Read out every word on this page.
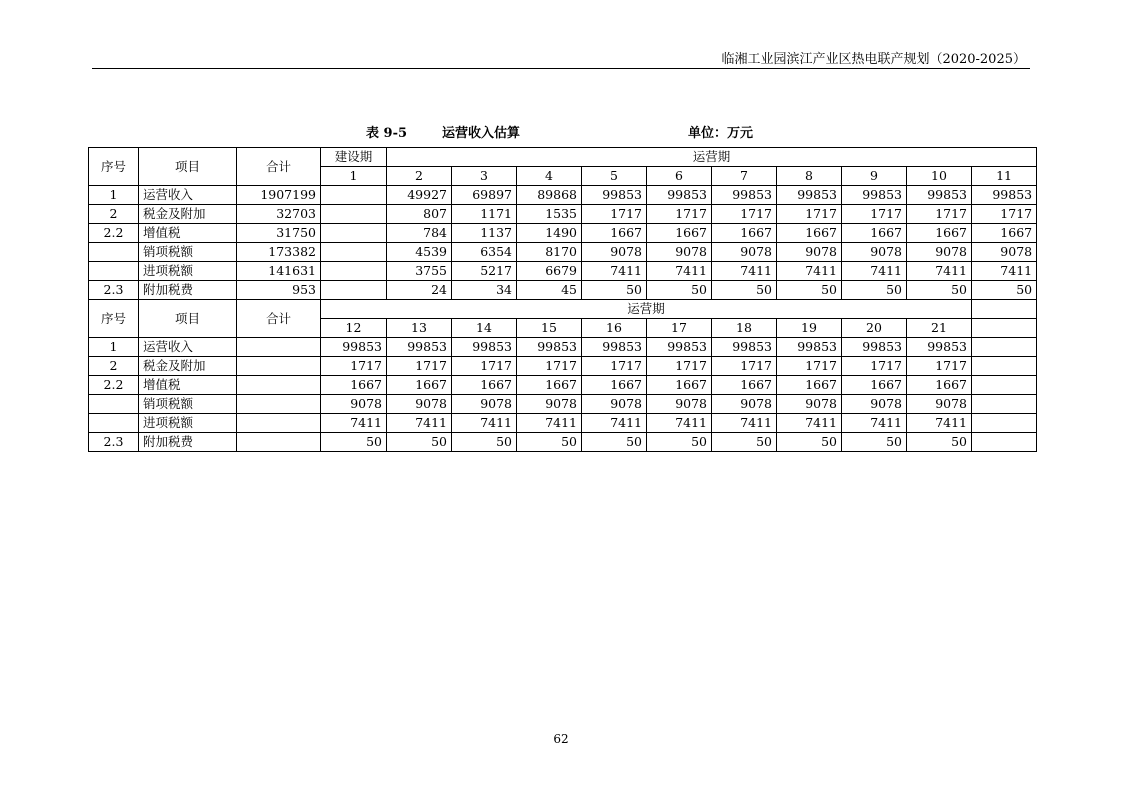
临湘工业园滨江产业区热电联产规划（2020-2025）
表 9-5	运营收入估算	单位：万元
序号	项目	合计	建设期	运营期									
			1	2	3	4	5	6	7	8	9	10	11
1	运营收入	1907199		49927	69897	89868	99853	99853	99853	99853	99853	99853	99853
2	税金及附加	32703		807	1171	1535	1717	1717	1717	1717	1717	1717	1717
2.2	增值税	31750		784	1137	1490	1667	1667	1667	1667	1667	1667	1667
	销项税额	173382		4539	6354	8170	9078	9078	9078	9078	9078	9078	9078
	进项税额	141631		3755	5217	6679	7411	7411	7411	7411	7411	7411	7411
2.3	附加税费	953		24	34	45	50	50	50	50	50	50	50
序号	项目	合计	运营期										
			12	13	14	15	16	17	18	19	20	21	
1	运营收入		99853	99853	99853	99853	99853	99853	99853	99853	99853	99853	
2	税金及附加		1717	1717	1717	1717	1717	1717	1717	1717	1717	1717	
2.2	增值税		1667	1667	1667	1667	1667	1667	1667	1667	1667	1667	
	销项税额		9078	9078	9078	9078	9078	9078	9078	9078	9078	9078	
	进项税额		7411	7411	7411	7411	7411	7411	7411	7411	7411	7411	
2.3	附加税费		50	50	50	50	50	50	50	50	50	50	
62
